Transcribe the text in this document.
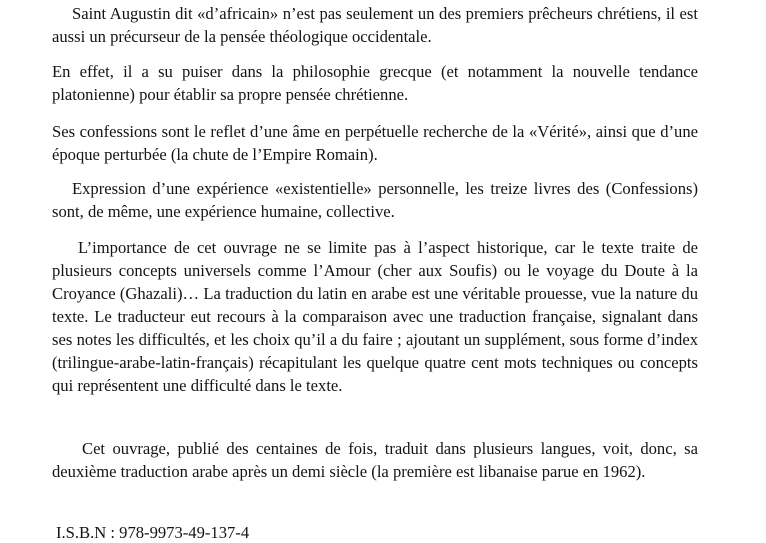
Saint Augustin dit «d’africain» n’est pas seulement un des premiers prêcheurs chrétiens, il est aussi un précurseur de la pensée théologique occidentale.

En effet, il a su puiser dans la philosophie grecque (et notamment la nouvelle tendance platonienne) pour établir sa propre pensée chrétienne.

Ses confessions sont le reflet d’une âme en perpétuelle recherche de la «Vérité», ainsi que d’une époque perturbée (la chute de l’Empire Romain).

Expression d’une expérience «existentielle» personnelle, les treize livres des (Confessions) sont, de même, une expérience humaine, collective.

L’importance de cet ouvrage ne se limite pas à l’aspect historique, car le texte traite de plusieurs concepts universels comme l’Amour (cher aux Soufis) ou le voyage du Doute à la Croyance (Ghazali)… La traduction du latin en arabe est une véritable prouesse, vue la nature du texte. Le traducteur eut recours à la comparaison avec une traduction française, signalant dans ses notes les difficultés, et les choix qu’il a du faire ; ajoutant un supplément, sous forme d’index (trilingue-arabe-latin-français) récapitulant les quelque quatre cent mots techniques ou concepts qui représentent une difficulté dans le texte.

Cet ouvrage, publié des centaines de fois, traduit dans plusieurs langues, voit, donc, sa deuxième traduction arabe après un demi siècle (la première est libanaise parue en 1962).

I.S.B.N : 978-9973-49-137-4
